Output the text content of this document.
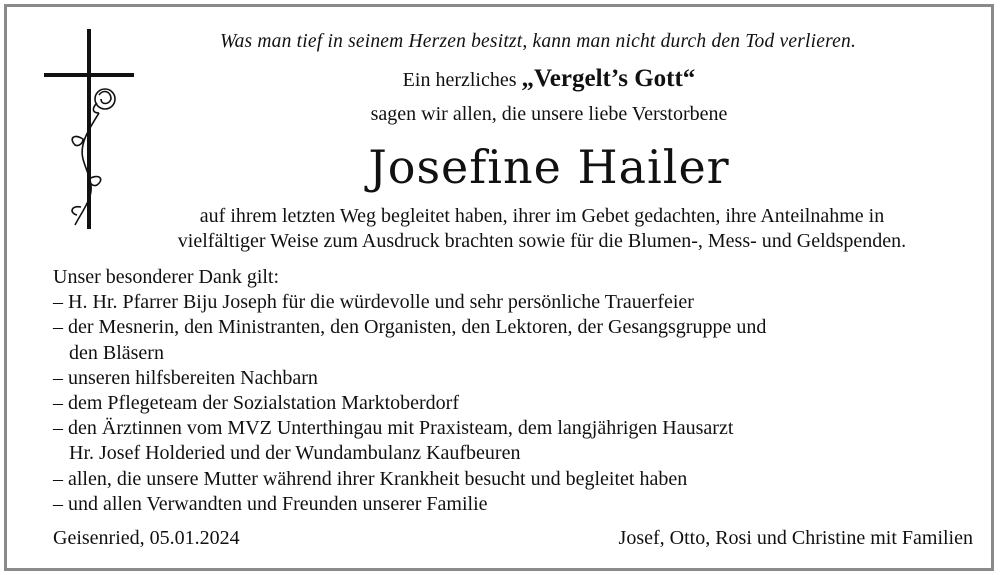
Was man tief in seinem Herzen besitzt, kann man nicht durch den Tod verlieren.
Ein herzliches „Vergelt’s Gott“
sagen wir allen, die unsere liebe Verstorbene
Josefine Hailer
auf ihrem letzten Weg begleitet haben, ihrer im Gebet gedachten, ihre Anteilnahme in
vielfältiger Weise zum Ausdruck brachten sowie für die Blumen-, Mess- und Geldspenden.
Unser besonderer Dank gilt:
– H. Hr. Pfarrer Biju Joseph für die würdevolle und sehr persönliche Trauerfeier
– der Mesnerin, den Ministranten, den Organisten, den Lektoren, der Gesangsgruppe und
den Bläsern
– unseren hilfsbereiten Nachbarn
– dem Pflegeteam der Sozialstation Marktoberdorf
– den Ärztinnen vom MVZ Unterthingau mit Praxisteam, dem langjährigen Hausarzt
Hr. Josef Holderied und der Wundambulanz Kaufbeuren
– allen, die unsere Mutter während ihrer Krankheit besucht und begleitet haben
– und allen Verwandten und Freunden unserer Familie
Geisenried, 05.01.2024	Josef, Otto, Rosi und Christine mit Familien
